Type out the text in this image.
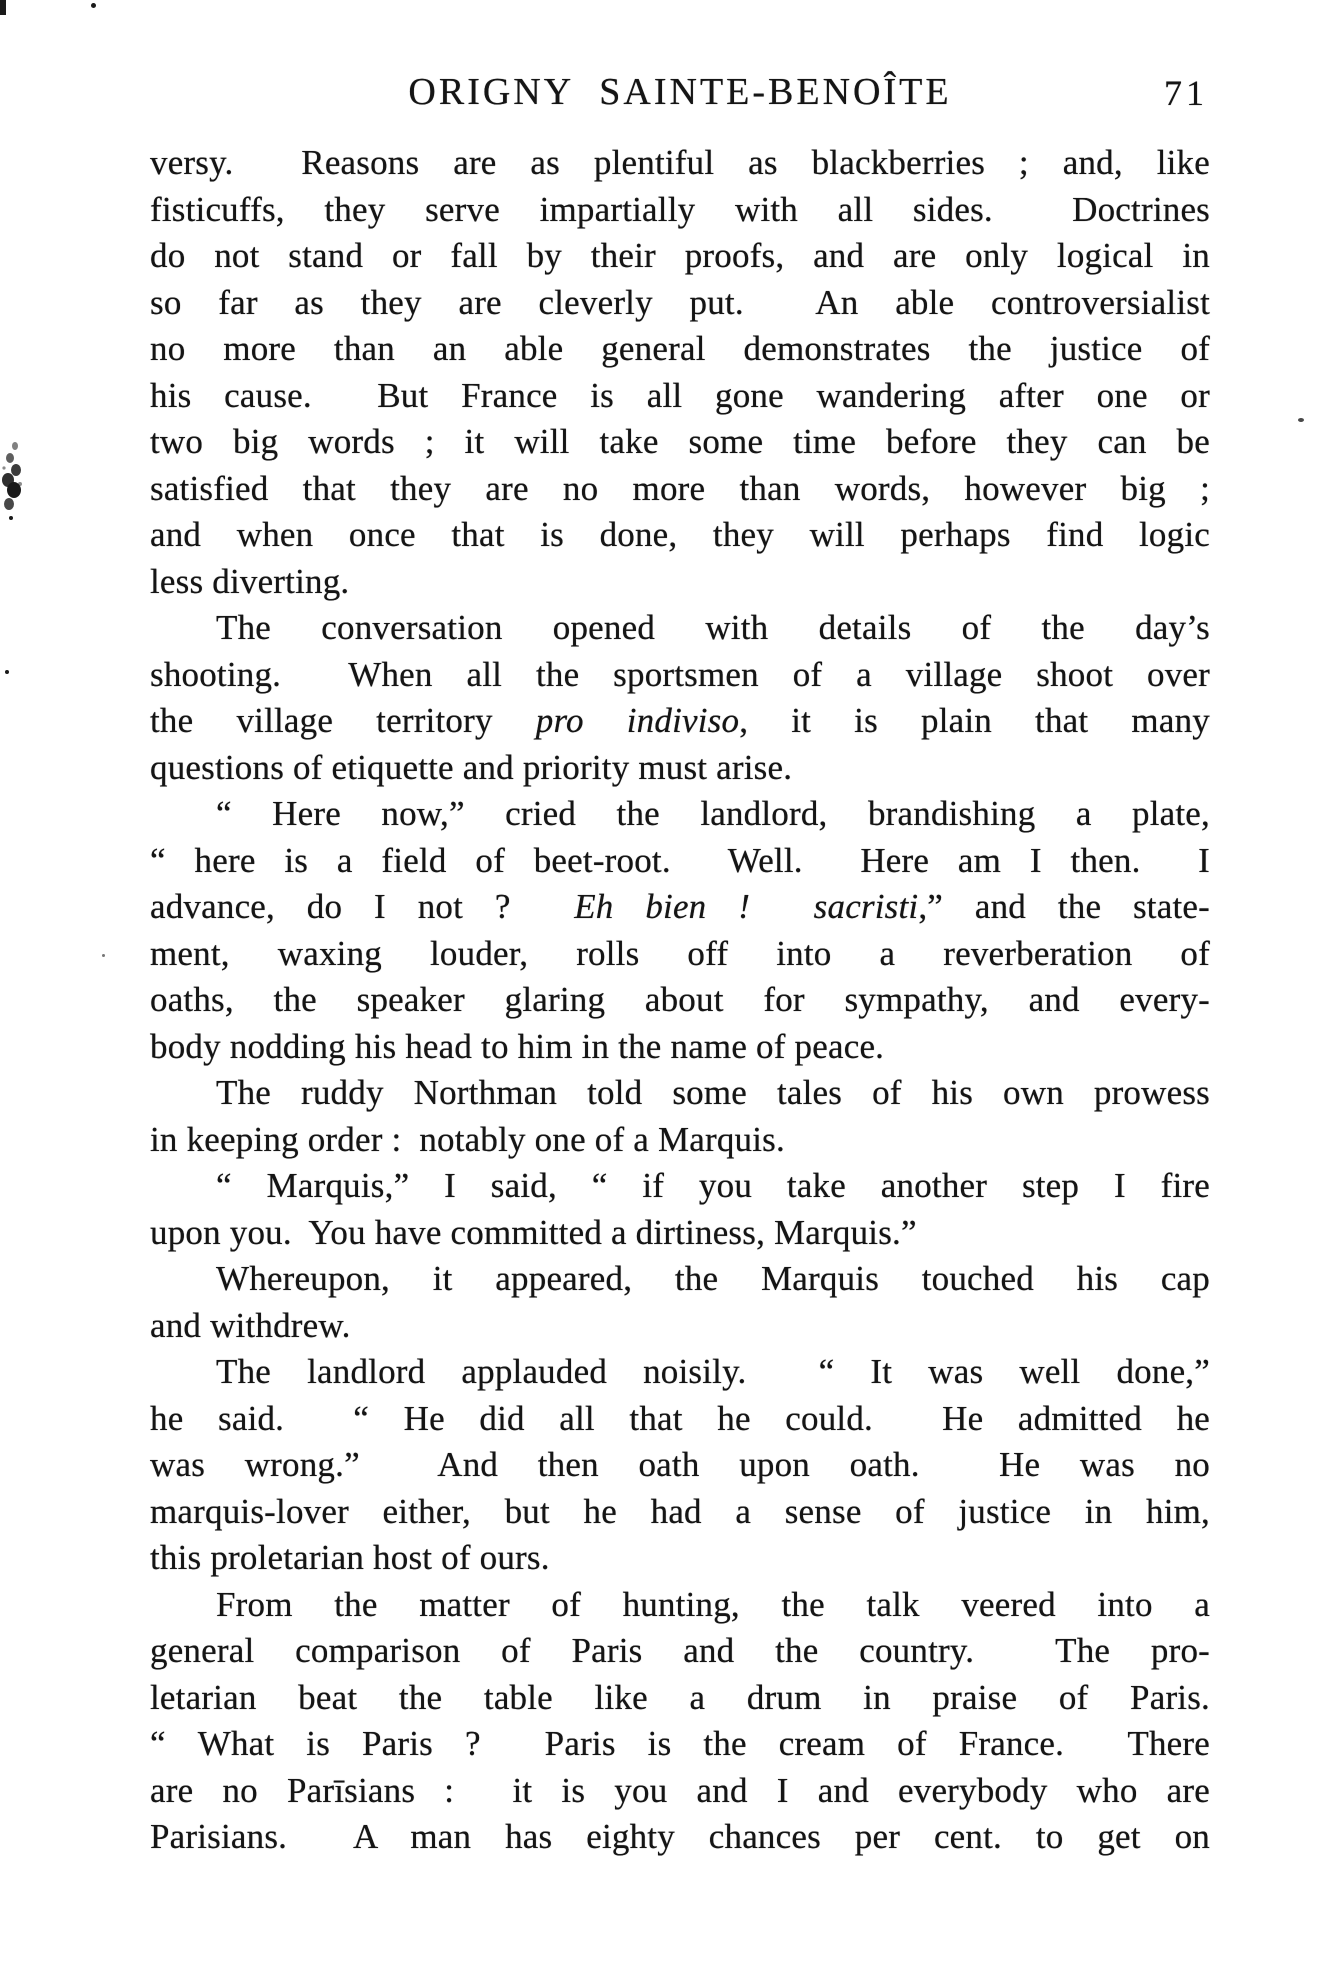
ORIGNY SAINTE-BENOÎTE	71
versy.  Reasons are as plentiful as blackberries ; and, like
fisticuffs, they serve impartially with all sides.  Doctrines
do not stand or fall by their proofs, and are only logical in
so far as they are cleverly put.  An able controversialist
no more than an able general demonstrates the justice of
his cause.  But France is all gone wandering after one or
two big words ; it will take some time before they can be
satisfied that they are no more than words, however big ;
and when once that is done, they will perhaps find logic
less diverting.
The conversation opened with details of the day’s
shooting.  When all the sportsmen of a village shoot over
the village territory pro indiviso, it is plain that many
questions of etiquette and priority must arise.
“ Here now,” cried the landlord, brandishing a plate,
“ here is a field of beet-root.  Well.  Here am I then.  I
advance, do I not ?  Eh bien !  sacristi,” and the state-
ment, waxing louder, rolls off into a reverberation of
oaths, the speaker glaring about for sympathy, and every-
body nodding his head to him in the name of peace.
The ruddy Northman told some tales of his own prowess
in keeping order :  notably one of a Marquis.
“ Marquis,” I said, “ if you take another step I fire
upon you.  You have committed a dirtiness, Marquis.”
Whereupon, it appeared, the Marquis touched his cap
and withdrew.
The landlord applauded noisily.  “ It was well done,”
he said.  “ He did all that he could.  He admitted he
was wrong.”  And then oath upon oath.  He was no
marquis-lover either, but he had a sense of justice in him,
this proletarian host of ours.
From the matter of hunting, the talk veered into a
general comparison of Paris and the country.  The pro-
letarian beat the table like a drum in praise of Paris.
“ What is Paris ?  Paris is the cream of France.  There
are no Parīsians :  it is you and I and everybody who are
Parisians.  A man has eighty chances per cent. to get on
